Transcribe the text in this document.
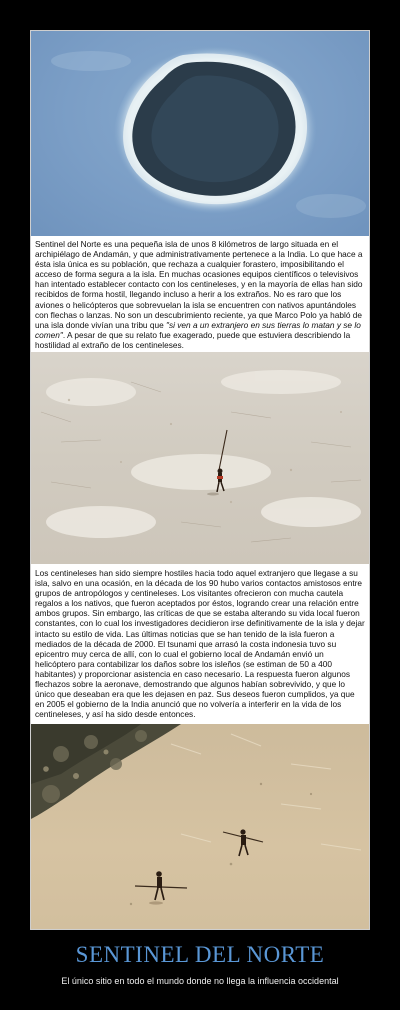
Sentinel del Norte es una pequeña isla de unos 8 kilómetros de largo situada en el archipiélago de Andamán, y que administrativamente pertenece a la India. Lo que hace a ésta isla única es su población, que rechaza a cualquier forastero, imposibilitando el acceso de forma segura a la isla. En muchas ocasiones equipos científicos o televisivos han intentado establecer contacto con los centineleses, y en la mayoría de ellas han sido recibidos de forma hostil, llegando incluso a herir a los extraños. No es raro que los aviones o helicópteros que sobrevuelan la isla se encuentren con nativos apuntándoles con flechas o lanzas. No son un descubrimiento reciente, ya que Marco Polo ya habló de una isla donde vivían una tribu que "si ven a un extranjero en sus tierras lo matan y se lo comen". A pesar de que su relato fue exagerado, puede que estuviera describiendo la hostilidad al extraño de los centineleses.
Los centineleses han sido siempre hostiles hacia todo aquel extranjero que llegase a su isla, salvo en una ocasión, en la década de los 90 hubo varios contactos amistosos entre grupos de antropólogos y centineleses. Los visitantes ofrecieron con mucha cautela regalos a los nativos, que fueron aceptados por éstos, logrando crear una relación entre ambos grupos. Sin embargo, las críticas de que se estaba alterando su vida local fueron constantes, con lo cual los investigadores decidieron irse definitivamente de la isla y dejar intacto su estilo de vida. Las últimas noticias que se han tenido de la isla fueron a mediados de la década de 2000. El tsunami que arrasó la costa indonesia tuvo su epicentro muy cerca de allí, con lo cual el gobierno local de Andamán envió un helicóptero para contabilizar los daños sobre los isleños (se estiman de 50 a 400 habitantes) y proporcionar asistencia en caso necesario. La respuesta fueron algunos flechazos sobre la aeronave, demostrando que algunos habían sobrevivido, y que lo único que deseaban era que les dejasen en paz. Sus deseos fueron cumplidos, ya que en 2005 el gobierno de la India anunció que no volvería a interferir en la vida de los centineleses, y así ha sido desde entonces.
SENTINEL DEL NORTE
El único sitio en todo el mundo donde no llega la influencia occidental
